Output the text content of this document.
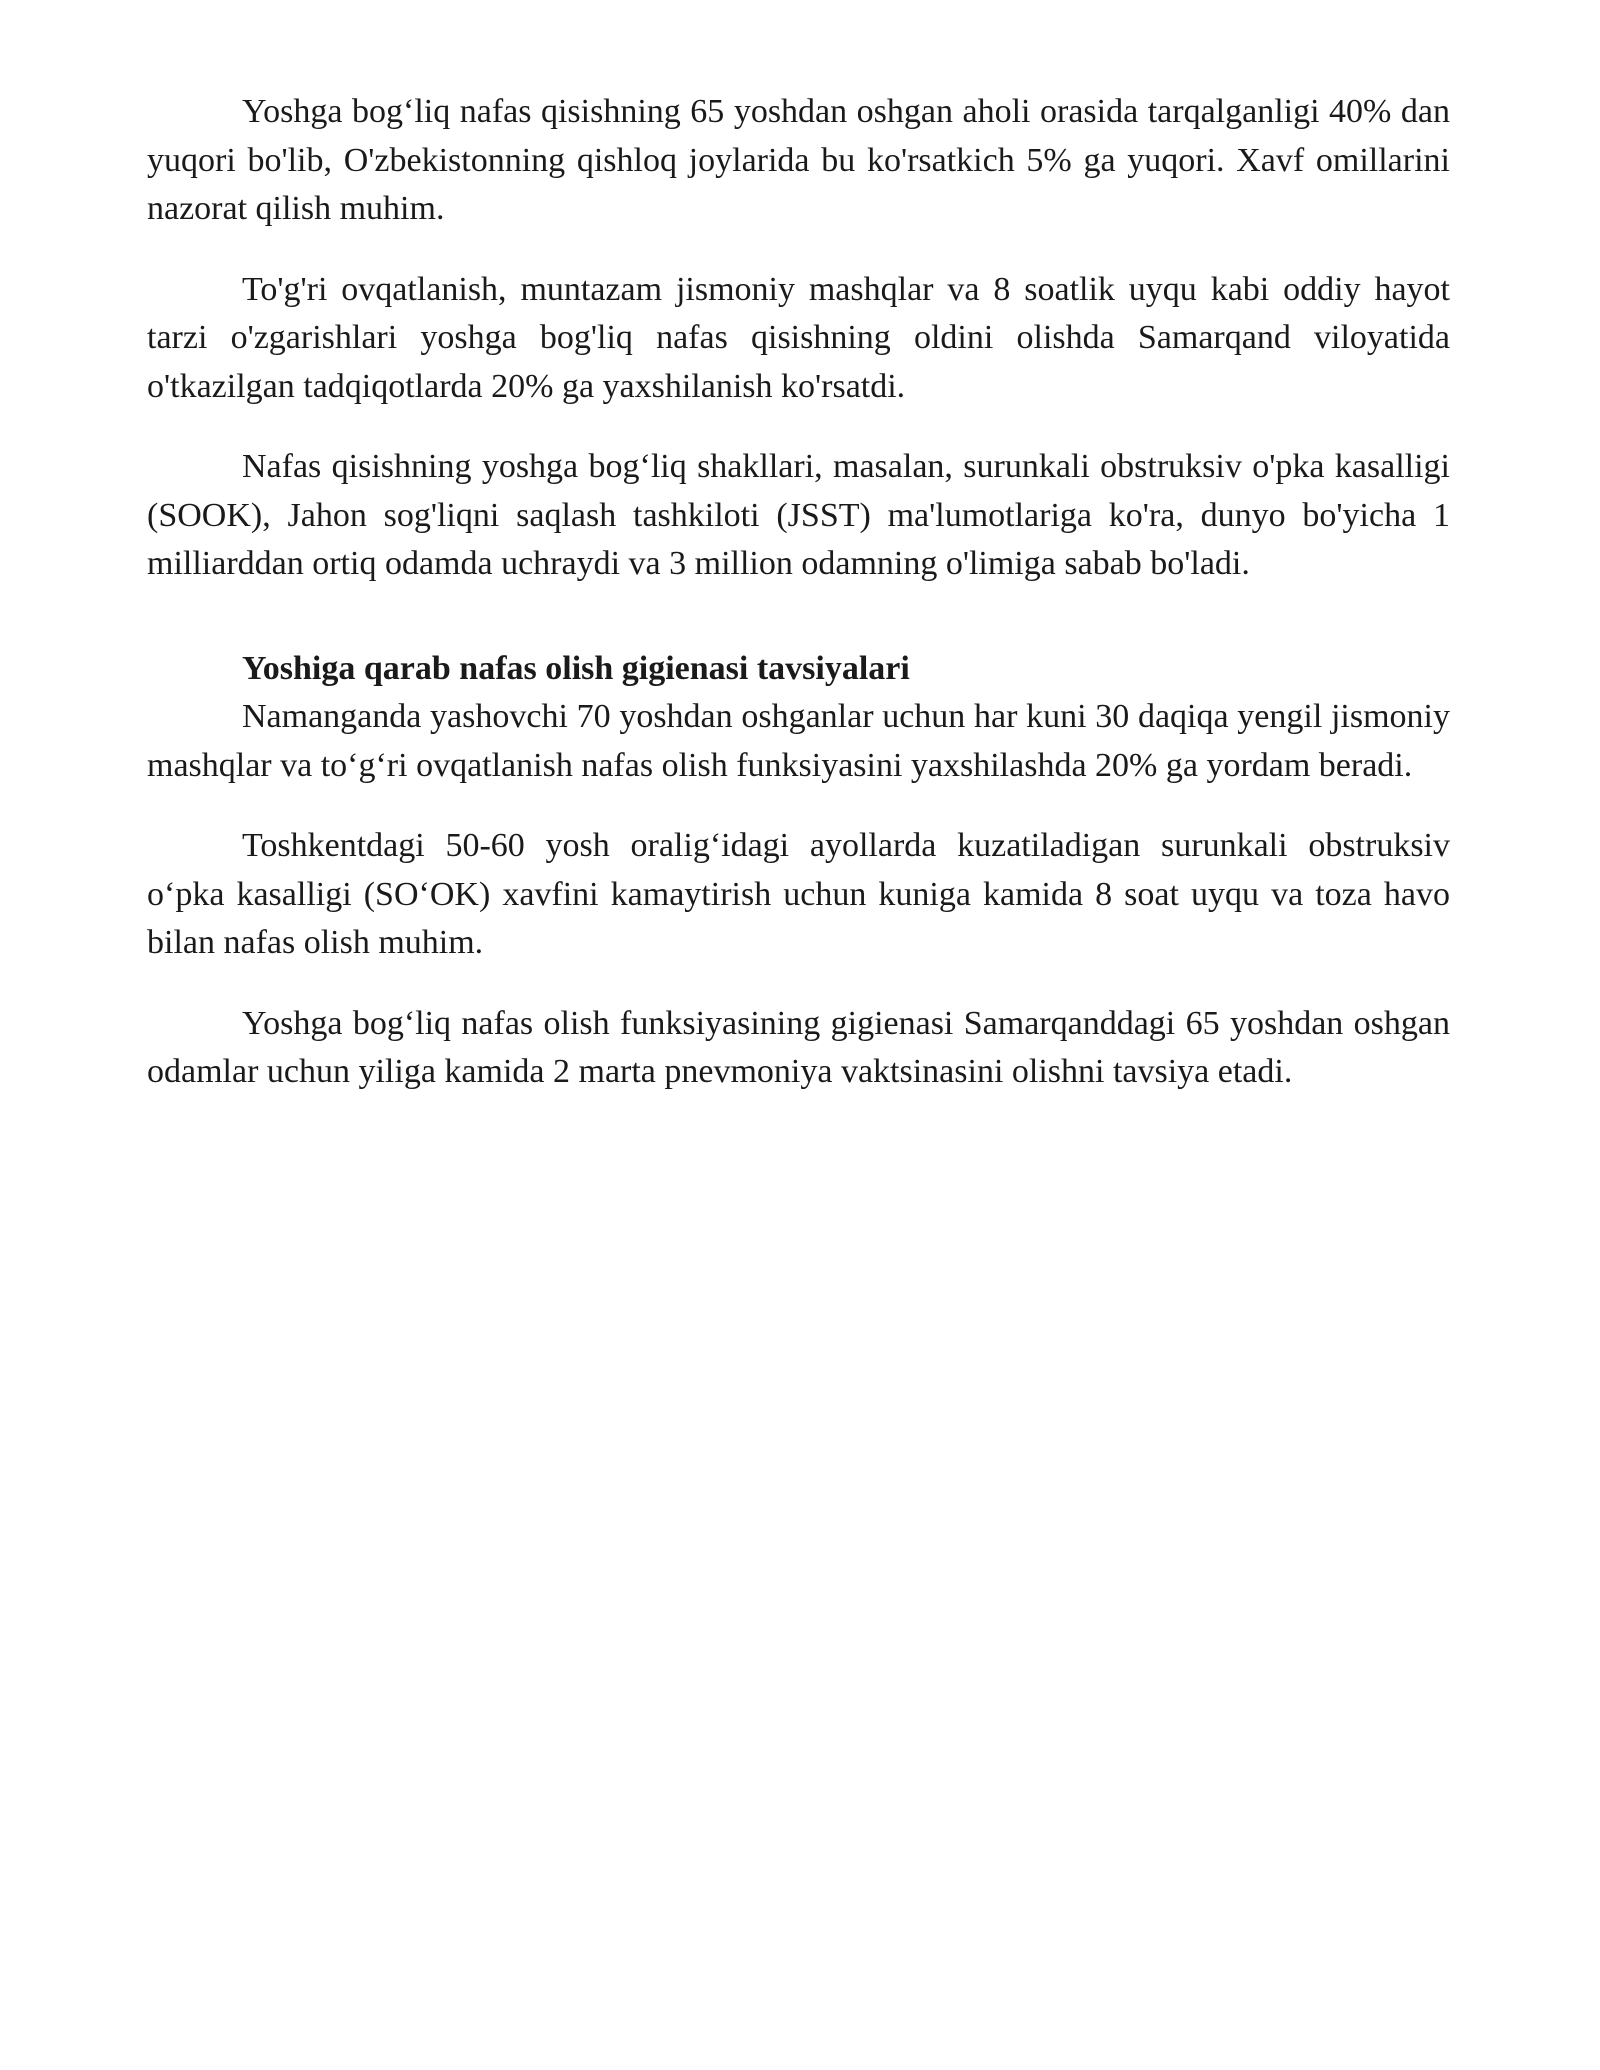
Yoshga bog‘liq nafas qisishning 65 yoshdan oshgan aholi orasida tarqalganligi 40% dan yuqori bo'lib, O'zbekistonning qishloq joylarida bu ko'rsatkich 5% ga yuqori. Xavf omillarini nazorat qilish muhim.

To'g'ri ovqatlanish, muntazam jismoniy mashqlar va 8 soatlik uyqu kabi oddiy hayot tarzi o'zgarishlari yoshga bog'liq nafas qisishning oldini olishda Samarqand viloyatida o'tkazilgan tadqiqotlarda 20% ga yaxshilanish ko'rsatdi.

Nafas qisishning yoshga bog‘liq shakllari, masalan, surunkali obstruksiv o'pka kasalligi (SOOK), Jahon sog'liqni saqlash tashkiloti (JSST) ma'lumotlariga ko'ra, dunyo bo'yicha 1 milliarddan ortiq odamda uchraydi va 3 million odamning o'limiga sabab bo'ladi.

Yoshiga qarab nafas olish gigienasi tavsiyalari

Namanganda yashovchi 70 yoshdan oshganlar uchun har kuni 30 daqiqa yengil jismoniy mashqlar va to‘g‘ri ovqatlanish nafas olish funksiyasini yaxshilashda 20% ga yordam beradi.

Toshkentdagi 50-60 yosh oralig‘idagi ayollarda kuzatiladigan surunkali obstruksiv o‘pka kasalligi (SO‘OK) xavfini kamaytirish uchun kuniga kamida 8 soat uyqu va toza havo bilan nafas olish muhim.

Yoshga bog‘liq nafas olish funksiyasining gigienasi Samarqanddagi 65 yoshdan oshgan odamlar uchun yiliga kamida 2 marta pnevmoniya vaktsinasini olishni tavsiya etadi.
